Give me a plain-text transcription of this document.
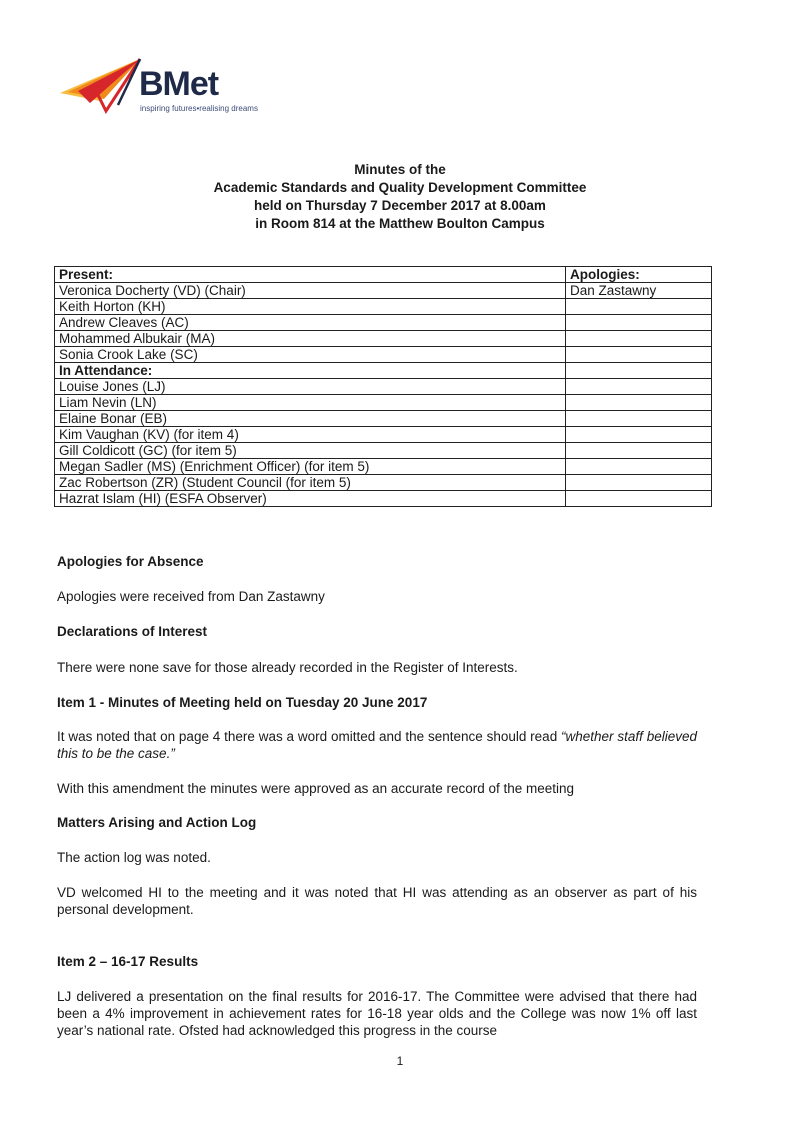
BMet
inspiring futures•realising dreams
Minutes of the
Academic Standards and Quality Development Committee
held on Thursday 7 December 2017 at 8.00am
in Room 814 at the Matthew Boulton Campus
Present:	Apologies:
Veronica Docherty (VD) (Chair)	Dan Zastawny
Keith Horton (KH)	
Andrew Cleaves (AC)	
Mohammed Albukair (MA)	
Sonia Crook Lake (SC)	
In Attendance:	
Louise Jones (LJ)	
Liam Nevin (LN)	
Elaine Bonar (EB)	
Kim Vaughan (KV) (for item 4)	
Gill Coldicott (GC) (for item 5)	
Megan Sadler (MS) (Enrichment Officer) (for item 5)	
Zac Robertson (ZR) (Student Council (for item 5)	
Hazrat Islam (HI) (ESFA Observer)	
Apologies for Absence
Apologies were received from Dan Zastawny
Declarations of Interest
There were none save for those already recorded in the Register of Interests.
Item 1 - Minutes of Meeting held on Tuesday 20 June 2017
It was noted that on page 4 there was a word omitted and the sentence should read “whether staff believed this to be the case.”
With this amendment the minutes were approved as an accurate record of the meeting
Matters Arising and Action Log
The action log was noted.
VD welcomed HI to the meeting and it was noted that HI was attending as an observer as part of his personal development.
Item 2 – 16-17 Results
LJ delivered a presentation on the final results for 2016-17. The Committee were advised that there had been a 4% improvement in achievement rates for 16-18 year olds and the College was now 1% off last year’s national rate. Ofsted had acknowledged this progress in the course
1
